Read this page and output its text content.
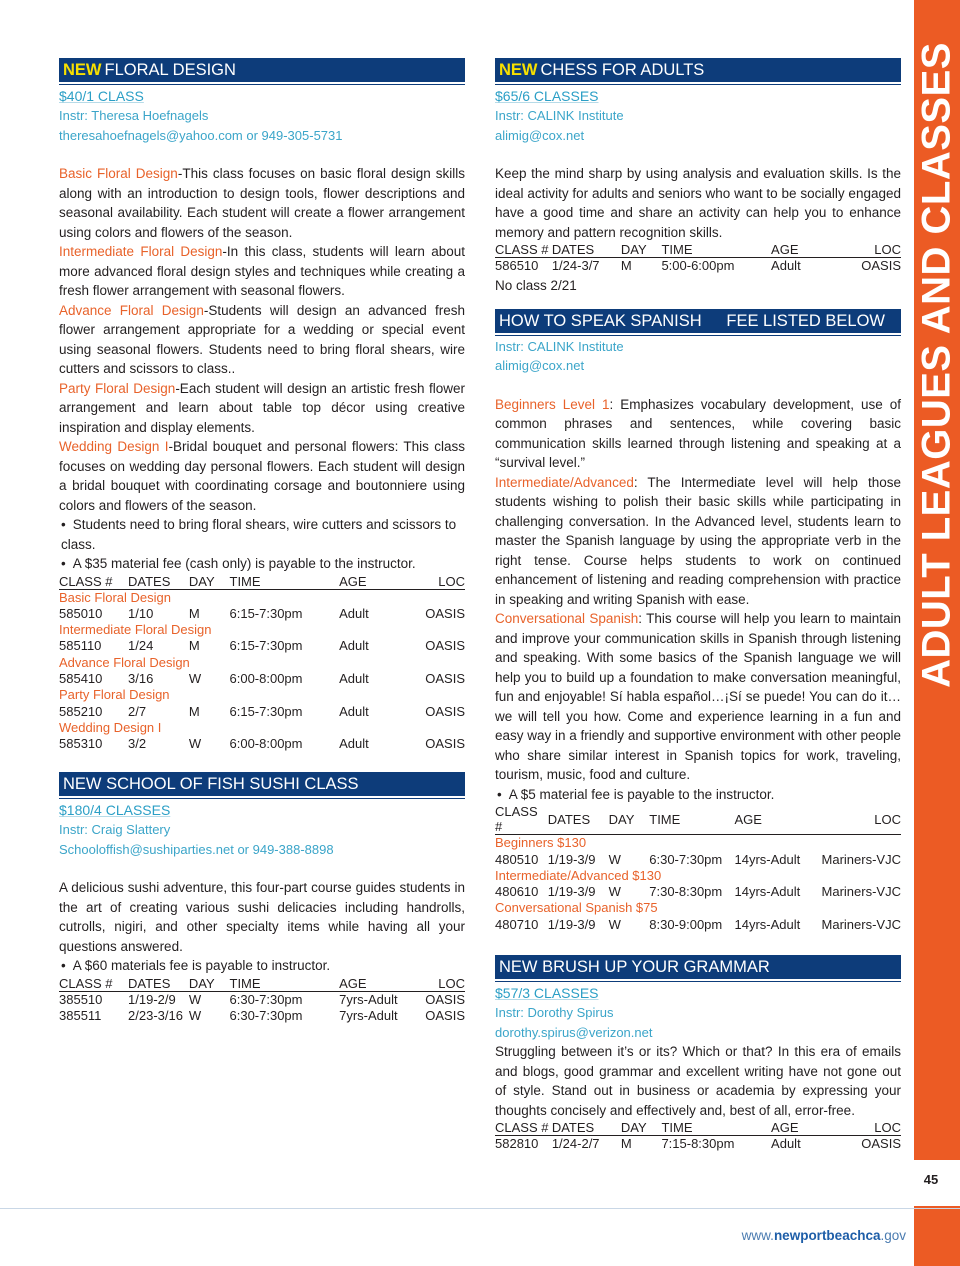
NEW FLORAL DESIGN
$40/1 CLASS
Instr: Theresa Hoefnagels
theresahoefnagels@yahoo.com or 949-305-5731
Basic Floral Design-This class focuses on basic floral design skills along with an introduction to design tools, flower descriptions and seasonal availability. Each student will create a flower arrangement using colors and flowers of the season.
Intermediate Floral Design-In this class, students will learn about more advanced floral design styles and techniques while creating a fresh flower arrangement with seasonal flowers.
Advance Floral Design-Students will design an advanced fresh flower arrangement appropriate for a wedding or special event using seasonal flowers. Students need to bring floral shears, wire cutters and scissors to class..
Party Floral Design-Each student will design an artistic fresh flower arrangement and learn about table top décor using creative inspiration and display elements.
Wedding Design I-Bridal bouquet and personal flowers: This class focuses on wedding day personal flowers. Each student will design a bridal bouquet with coordinating corsage and boutonniere using colors and flowers of the season.
• Students need to bring floral shears, wire cutters and scissors to class.
• A $35 material fee (cash only) is payable to the instructor.
CLASS #	DATES	DAY	TIME	AGE	LOC
Basic Floral Design					
585010	1/10	M	6:15-7:30pm	Adult	OASIS
Intermediate Floral Design					
585110	1/24	M	6:15-7:30pm	Adult	OASIS
Advance Floral Design					
585410	3/16	W	6:00-8:00pm	Adult	OASIS
Party Floral Design					
585210	2/7	M	6:15-7:30pm	Adult	OASIS
Wedding Design I					
585310	3/2	W	6:00-8:00pm	Adult	OASIS
NEW SCHOOL OF FISH SUSHI CLASS
$180/4 CLASSES
Instr: Craig Slattery
Schooloffish@sushiparties.net or 949-388-8898
A delicious sushi adventure, this four-part course guides students in the art of creating various sushi delicacies including handrolls, cutrolls, nigiri, and other specialty items while having all your questions answered.
• A $60 materials fee is payable to instructor.
CLASS #	DATES	DAY	TIME	AGE	LOC
385510	1/19-2/9	W	6:30-7:30pm	7yrs-Adult	OASIS
385511	2/23-3/16	W	6:30-7:30pm	7yrs-Adult	OASIS
NEW CHESS FOR ADULTS
$65/6 CLASSES
Instr: CALINK Institute
alimig@cox.net
Keep the mind sharp by using analysis and evaluation skills. Is the ideal activity for adults and seniors who want to be socially engaged have a good time and share an activity can help you to enhance memory and pattern recognition skills.
CLASS #	DATES	DAY	TIME	AGE	LOC
586510	1/24-3/7	M	5:00-6:00pm	Adult	OASIS
No class 2/21
HOW TO SPEAK SPANISH FEE LISTED BELOW
Instr: CALINK Institute
alimig@cox.net
Beginners Level 1: Emphasizes vocabulary development, use of common phrases and sentences, while covering basic communication skills learned through listening and speaking at a “survival level.”
Intermediate/Advanced: The Intermediate level will help those students wishing to polish their basic skills while participating in challenging conversation. In the Advanced level, students learn to master the Spanish language by using the appropriate verb in the right tense. Course helps students to work on continued enhancement of listening and reading comprehension with practice in speaking and writing Spanish with ease.
Conversational Spanish: This course will help you learn to maintain and improve your communication skills in Spanish through listening and speaking. With some basics of the Spanish language we will help you to build up a foundation to make conversation meaningful, fun and enjoyable! Sí habla español…¡Sí se puede! You can do it…we will tell you how. Come and experience learning in a fun and easy way in a friendly and supportive environment with other people who share similar interest in Spanish topics for work, traveling, tourism, music, food and culture.
• A $5 material fee is payable to the instructor.
CLASS #	DATES	DAY	TIME	AGE	LOC
Beginners $130					
480510	1/19-3/9	W	6:30-7:30pm	14yrs-Adult	Mariners-VJC
Intermediate/Advanced $130					
480610	1/19-3/9	W	7:30-8:30pm	14yrs-Adult	Mariners-VJC
Conversational Spanish $75					
480710	1/19-3/9	W	8:30-9:00pm	14yrs-Adult	Mariners-VJC
NEW BRUSH UP YOUR GRAMMAR
$57/3 CLASSES
Instr: Dorothy Spirus
dorothy.spirus@verizon.net
Struggling between it’s or its? Which or that? In this era of emails and blogs, good grammar and excellent writing have not gone out of style. Stand out in business or academia by expressing your thoughts concisely and effectively and, best of all, error-free.
CLASS #	DATES	DAY	TIME	AGE	LOC
582810	1/24-2/7	M	7:15-8:30pm	Adult	OASIS
ADULT LEAGUES AND CLASSES
45
www.newportbeachca.gov
